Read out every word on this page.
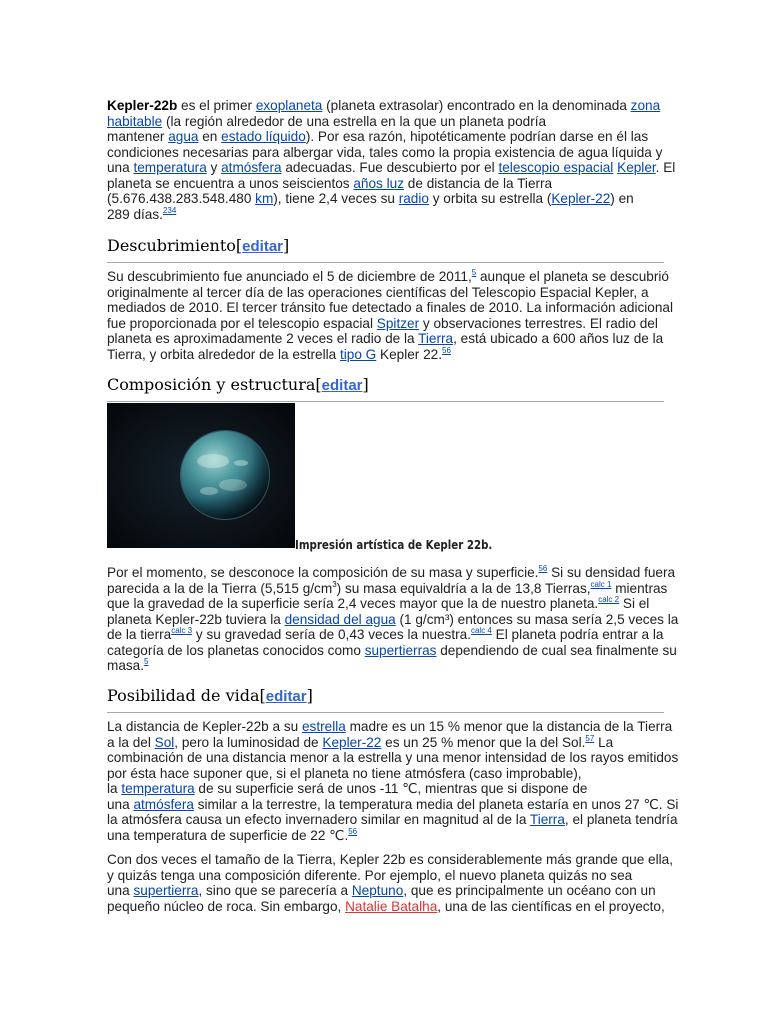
Kepler-22b es el primer exoplaneta (planeta extrasolar) encontrado en la denominada zona
habitable (la región alrededor de una estrella en la que un planeta podría
mantener agua en estado líquido). Por esa razón, hipotéticamente podrían darse en él las
condiciones necesarias para albergar vida, tales como la propia existencia de agua líquida y
una temperatura y atmósfera adecuadas. Fue descubierto por el telescopio espacial Kepler. El
planeta se encuentra a unos seiscientos años luz de distancia de la Tierra
(5.676.438.283.548.480 km), tiene 2,4 veces su radio y orbita su estrella (Kepler-22) en
289 días.$^{234}$

Descubrimiento[editar]

Su descubrimiento fue anunciado el 5 de diciembre de 2011,$^5$ aunque el planeta se descubrió
originalmente al tercer día de las operaciones científicas del Telescopio Espacial Kepler, a
mediados de 2010. El tercer tránsito fue detectado a finales de 2010. La información adicional
fue proporcionada por el telescopio espacial Spitzer y observaciones terrestres. El radio del
planeta es aproximadamente 2 veces el radio de la Tierra, está ubicado a 600 años luz de la
Tierra, y orbita alrededor de la estrella tipo G Kepler 22.56

Composición y estructura[editar]
Impresión artística de Kepler 22b.

Por el momento, se desconoce la composición de su masa y superficie.$^{56}$ Si su densidad fuera
parecida a la de la Tierra (5,515 $g/cm^3$) su masa equivaldría a la de 13,8 Tierras,$^{calc 1}$ mientras
que la gravedad de la superficie sería 2,4 veces mayor que la de nuestro planeta.$^{calc 2}$ Si el
planeta Kepler-22b tuviera la densidad del agua (1 g/cm³) entonces su masa sería 2,5 veces la
de la tierra$^{calc 3}$ y su gravedad sería de 0,43 veces la nuestra.$^{calc 4}$ El planeta podría entrar a la
categoría de los planetas conocidos como supertierras dependiendo de cual sea finalmente su
masa.$^5$

Posibilidad de vida[editar]

La distancia de Kepler-22b a su estrella madre es un 15 % menor que la distancia de la Tierra
a la del Sol, pero la luminosidad de Kepler-22 es un 25 % menor que la del Sol.$^{57}$ La
combinación de una distancia menor a la estrella y una menor intensidad de los rayos emitidos
por ésta hace suponer que, si el planeta no tiene atmósfera (caso improbable),
la temperatura de su superficie será de unos -11 ℃, mientras que si dispone de
una atmósfera similar a la terrestre, la temperatura media del planeta estaría en unos 27 ℃. Si
la atmósfera causa un efecto invernadero similar en magnitud al de la Tierra, el planeta tendría
una temperatura de superficie de 22 ℃.$^{56}$

Con dos veces el tamaño de la Tierra, Kepler 22b es considerablemente más grande que ella,
y quizás tenga una composición diferente. Por ejemplo, el nuevo planeta quizás no sea
una supertierra, sino que se parecería a Neptuno, que es principalmente un océano con un
pequeño núcleo de roca. Sin embargo, Natalie Batalha, una de las científicas en el proyecto,
